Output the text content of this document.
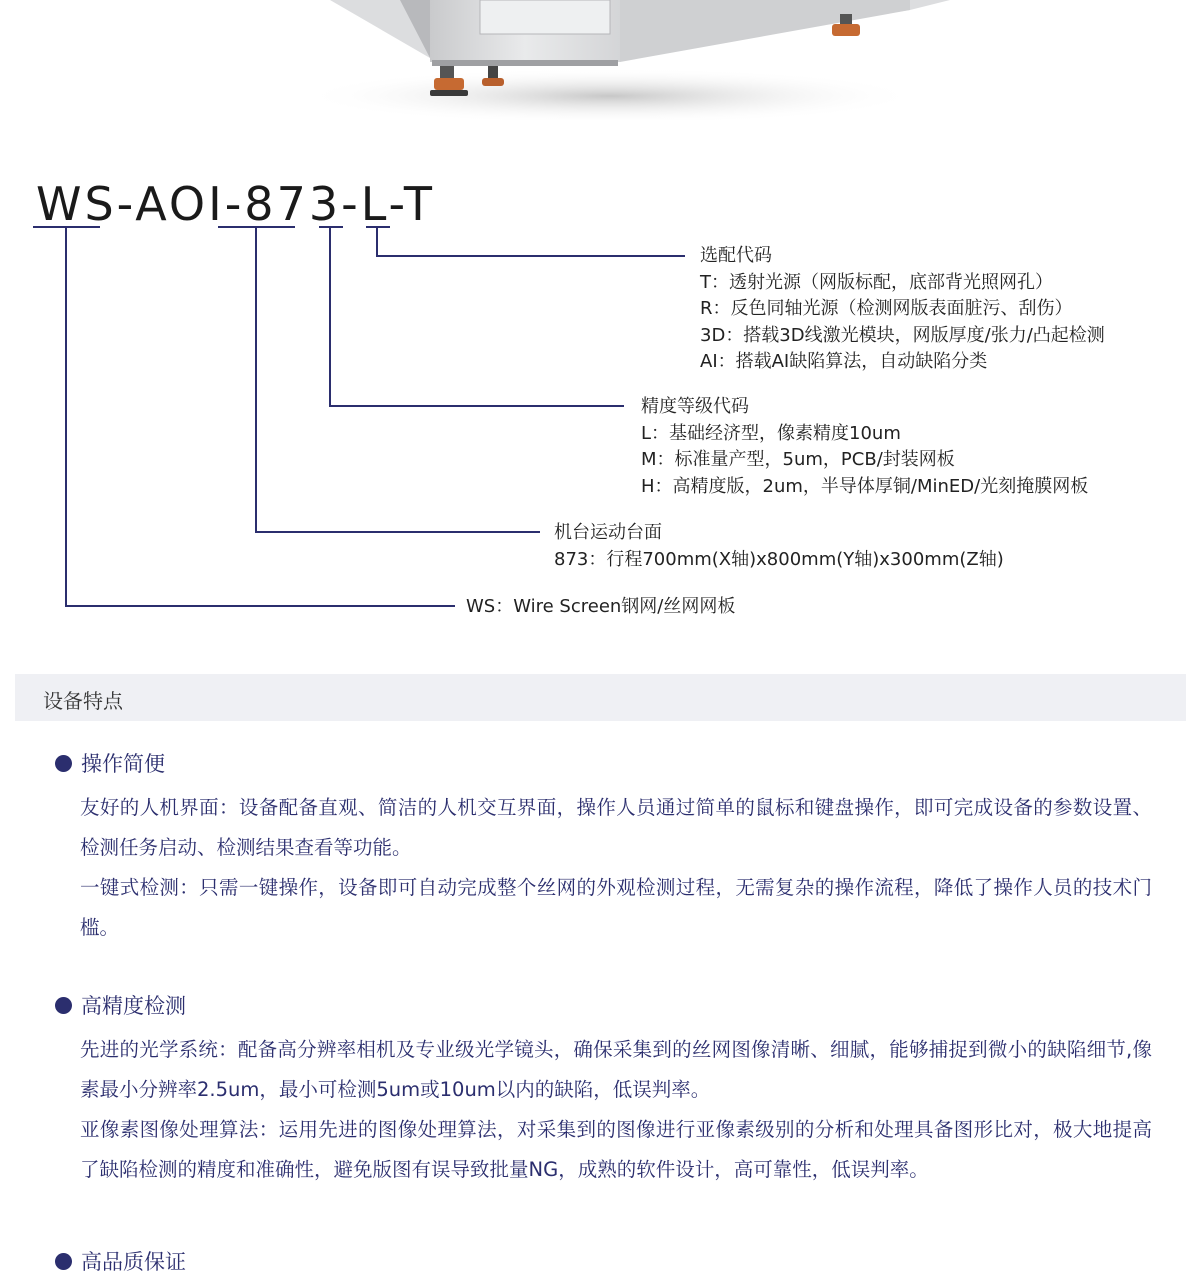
WS-AOI-873-L-T
选配代码
T：透射光源（网版标配，底部背光照网孔）
R：反色同轴光源（检测网版表面脏污、刮伤）
3D：搭载3D线激光模块，网版厚度/张力/凸起检测
AI：搭载AI缺陷算法，自动缺陷分类
精度等级代码
L：基础经济型，像素精度10um
M：标准量产型，5um，PCB/封装网板
H：高精度版，2um，半导体厚铜/MinED/光刻掩膜网板
机台运动台面
873：行程700mm(X轴)x800mm(Y轴)x300mm(Z轴)
WS：Wire Screen钢网/丝网网板
设备特点
操作简便

友好的人机界面：设备配备直观、简洁的人机交互界面，操作人员通过简单的鼠标和键盘操作，即可完成设备的参数设置、检测任务启动、检测结果查看等功能。

一键式检测：只需一键操作，设备即可自动完成整个丝网的外观检测过程，无需复杂的操作流程，降低了操作人员的技术门槛。

高精度检测

先进的光学系统：配备高分辨率相机及专业级光学镜头，确保采集到的丝网图像清晰、细腻，能够捕捉到微小的缺陷细节,像素最小分辨率2.5um，最小可检测5um或10um以内的缺陷，低误判率。

亚像素图像处理算法：运用先进的图像处理算法，对采集到的图像进行亚像素级别的分析和处理具备图形比对，极大地提高了缺陷检测的精度和准确性，避免版图有误导致批量NG，成熟的软件设计，高可靠性，低误判率。

高品质保证
